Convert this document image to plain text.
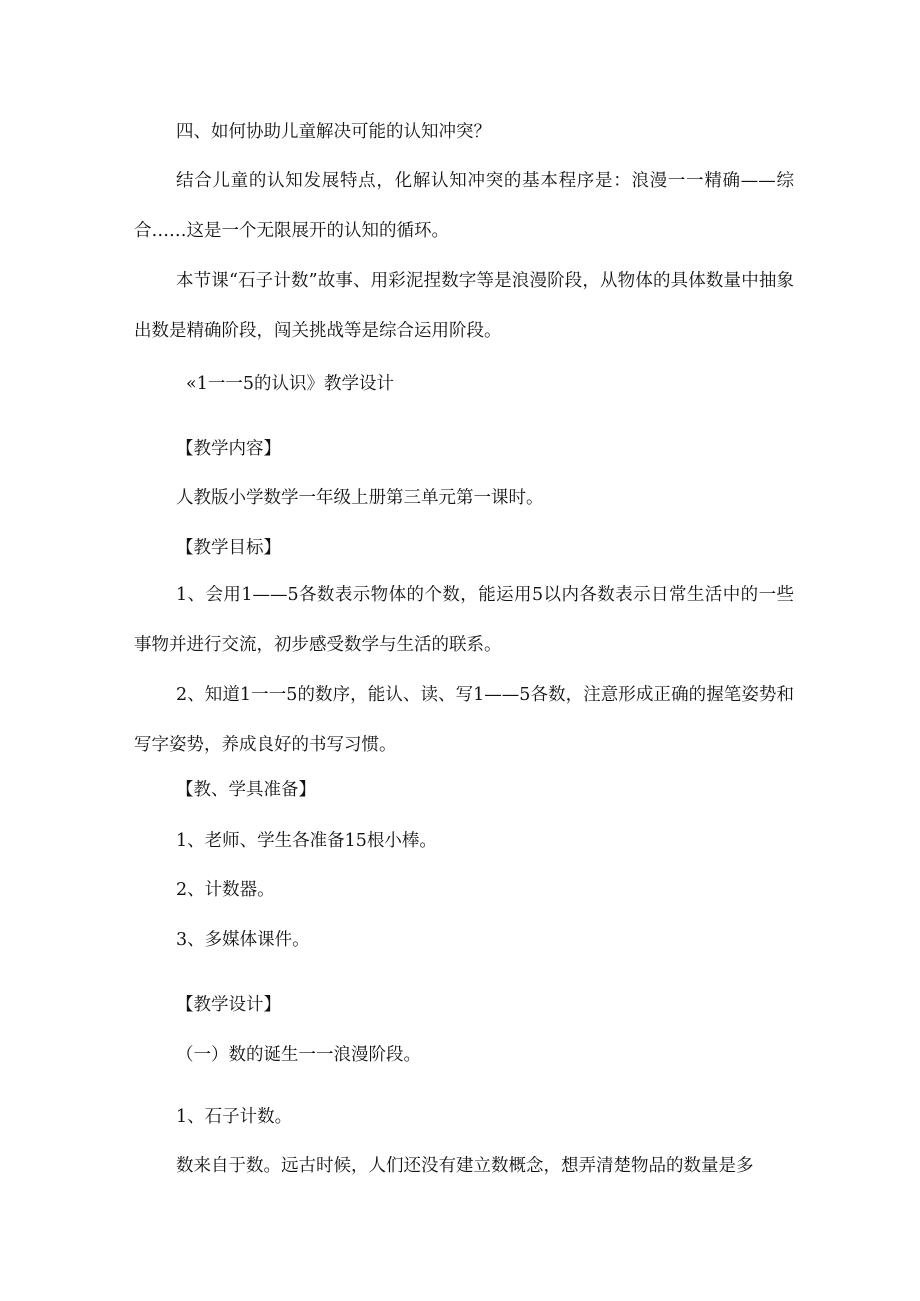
四、如何协助儿童解决可能的认知冲突？

结合儿童的认知发展特点，化解认知冲突的基本程序是：浪漫一一精确——综合……这是一个无限展开的认知的循环。

本节课“石子计数”故事、用彩泥捏数字等是浪漫阶段，从物体的具体数量中抽象出数是精确阶段，闯关挑战等是综合运用阶段。

«1一一5的认识》教学设计

【教学内容】

人教版小学数学一年级上册第三单元第一课时。

【教学目标】

1、会用1——5各数表示物体的个数，能运用5以内各数表示日常生活中的一些事物并进行交流，初步感受数学与生活的联系。

2、知道1一一5的数序，能认、读、写1——5各数，注意形成正确的握笔姿势和写字姿势，养成良好的书写习惯。

【教、学具准备】

1、老师、学生各准备15根小棒。

2、计数器。

3、多媒体课件。

【教学设计】

（一）数的诞生一一浪漫阶段。

1、石子计数。

数来自于数。远古时候，人们还没有建立数概念，想弄清楚物品的数量是多
